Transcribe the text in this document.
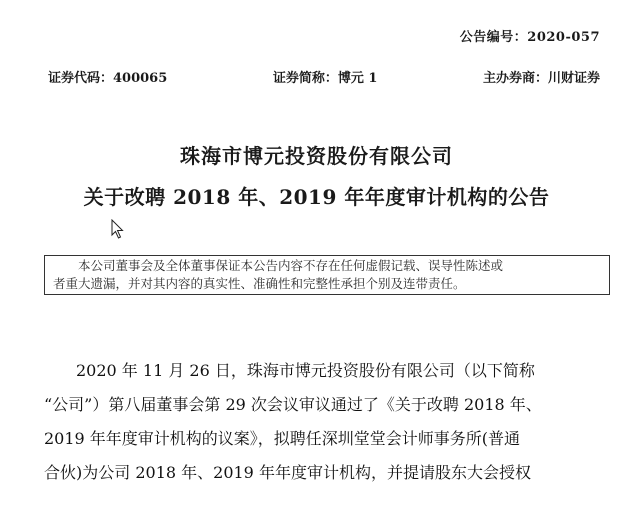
公告编号：2020-057
证券代码：400065	证券简称：博元 1	主办券商：川财证券
珠海市博元投资股份有限公司
关于改聘 2018 年、2019 年年度审计机构的公告
本公司董事会及全体董事保证本公告内容不存在任何虚假记载、误导性陈述或
者重大遗漏，并对其内容的真实性、准确性和完整性承担个别及连带责任。
2020 年 11 月 26 日，珠海市博元投资股份有限公司（以下简称
“公司”）第八届董事会第 29 次会议审议通过了《关于改聘 2018 年、
2019 年年度审计机构的议案》，拟聘任深圳堂堂会计师事务所(普通
合伙)为公司 2018 年、2019 年年度审计机构，并提请股东大会授权
